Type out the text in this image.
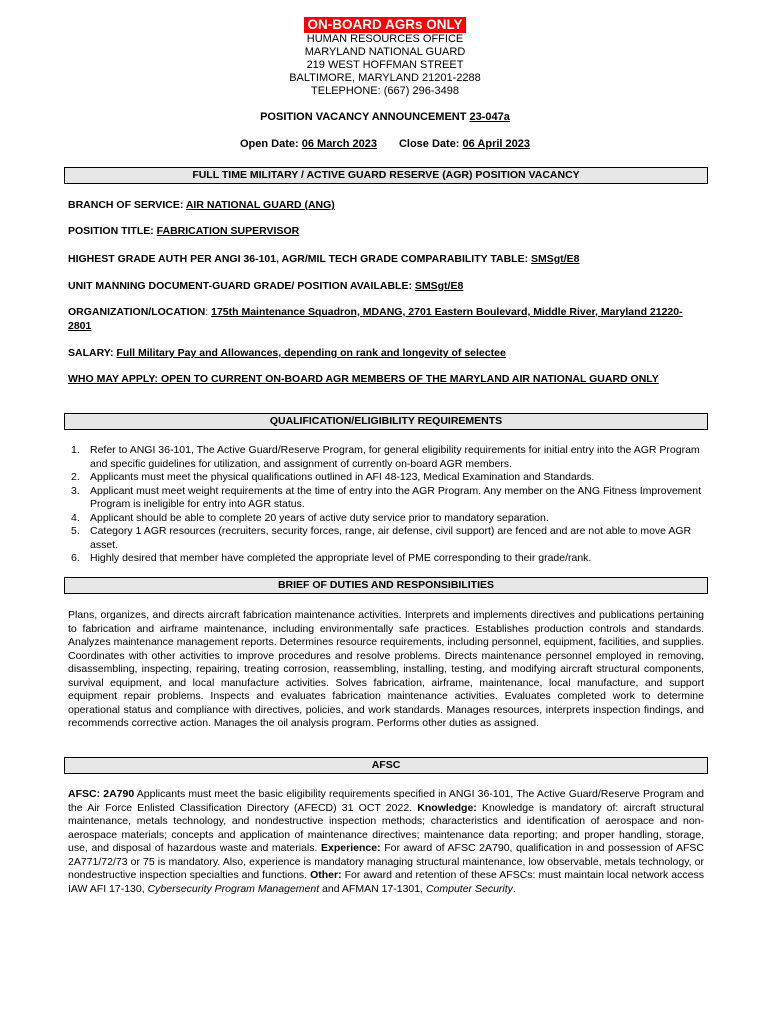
ON-BOARD AGRs ONLY
HUMAN RESOURCES OFFICE
MARYLAND NATIONAL GUARD
219 WEST HOFFMAN STREET
BALTIMORE, MARYLAND 21201-2288
TELEPHONE: (667) 296-3498
POSITION VACANCY ANNOUNCEMENT 23-047a
Open Date: 06 March 2023 Close Date: 06 April 2023
FULL TIME MILITARY / ACTIVE GUARD RESERVE (AGR) POSITION VACANCY
BRANCH OF SERVICE: AIR NATIONAL GUARD (ANG)
POSITION TITLE: FABRICATION SUPERVISOR
HIGHEST GRADE AUTH PER ANGI 36-101, AGR/MIL TECH GRADE COMPARABILITY TABLE: SMSgt/E8
UNIT MANNING DOCUMENT-GUARD GRADE/ POSITION AVAILABLE: SMSgt/E8
ORGANIZATION/LOCATION: 175th Maintenance Squadron, MDANG, 2701 Eastern Boulevard, Middle River, Maryland 21220-2801
SALARY: Full Military Pay and Allowances, depending on rank and longevity of selectee
WHO MAY APPLY: OPEN TO CURRENT ON-BOARD AGR MEMBERS OF THE MARYLAND AIR NATIONAL GUARD ONLY
QUALIFICATION/ELIGIBILITY REQUIREMENTS
1. Refer to ANGI 36-101, The Active Guard/Reserve Program, for general eligibility requirements for initial entry into the AGR Program and specific guidelines for utilization, and assignment of currently on-board AGR members.
2. Applicants must meet the physical qualifications outlined in AFI 48-123, Medical Examination and Standards.
3. Applicant must meet weight requirements at the time of entry into the AGR Program. Any member on the ANG Fitness Improvement Program is ineligible for entry into AGR status.
4. Applicant should be able to complete 20 years of active duty service prior to mandatory separation.
5. Category 1 AGR resources (recruiters, security forces, range, air defense, civil support) are fenced and are not able to move AGR asset.
6. Highly desired that member have completed the appropriate level of PME corresponding to their grade/rank.
BRIEF OF DUTIES AND RESPONSIBILITIES
Plans, organizes, and directs aircraft fabrication maintenance activities. Interprets and implements directives and publications pertaining to fabrication and airframe maintenance, including environmentally safe practices. Establishes production controls and standards. Analyzes maintenance management reports. Determines resource requirements, including personnel, equipment, facilities, and supplies. Coordinates with other activities to improve procedures and resolve problems. Directs maintenance personnel employed in removing, disassembling, inspecting, repairing, treating corrosion, reassembling, installing, testing, and modifying aircraft structural components, survival equipment, and local manufacture activities. Solves fabrication, airframe, maintenance, local manufacture, and support equipment repair problems. Inspects and evaluates fabrication maintenance activities. Evaluates completed work to determine operational status and compliance with directives, policies, and work standards. Manages resources, interprets inspection findings, and recommends corrective action. Manages the oil analysis program. Performs other duties as assigned.
AFSC
AFSC: 2A790 Applicants must meet the basic eligibility requirements specified in ANGI 36-101, The Active Guard/Reserve Program and the Air Force Enlisted Classification Directory (AFECD) 31 OCT 2022. Knowledge: Knowledge is mandatory of: aircraft structural maintenance, metals technology, and nondestructive inspection methods; characteristics and identification of aerospace and non-aerospace materials; concepts and application of maintenance directives; maintenance data reporting; and proper handling, storage, use, and disposal of hazardous waste and materials. Experience: For award of AFSC 2A790, qualification in and possession of AFSC 2A771/72/73 or 75 is mandatory. Also, experience is mandatory managing structural maintenance, low observable, metals technology, or nondestructive inspection specialties and functions. Other: For award and retention of these AFSCs: must maintain local network access IAW AFI 17-130, Cybersecurity Program Management and AFMAN 17-1301, Computer Security.
